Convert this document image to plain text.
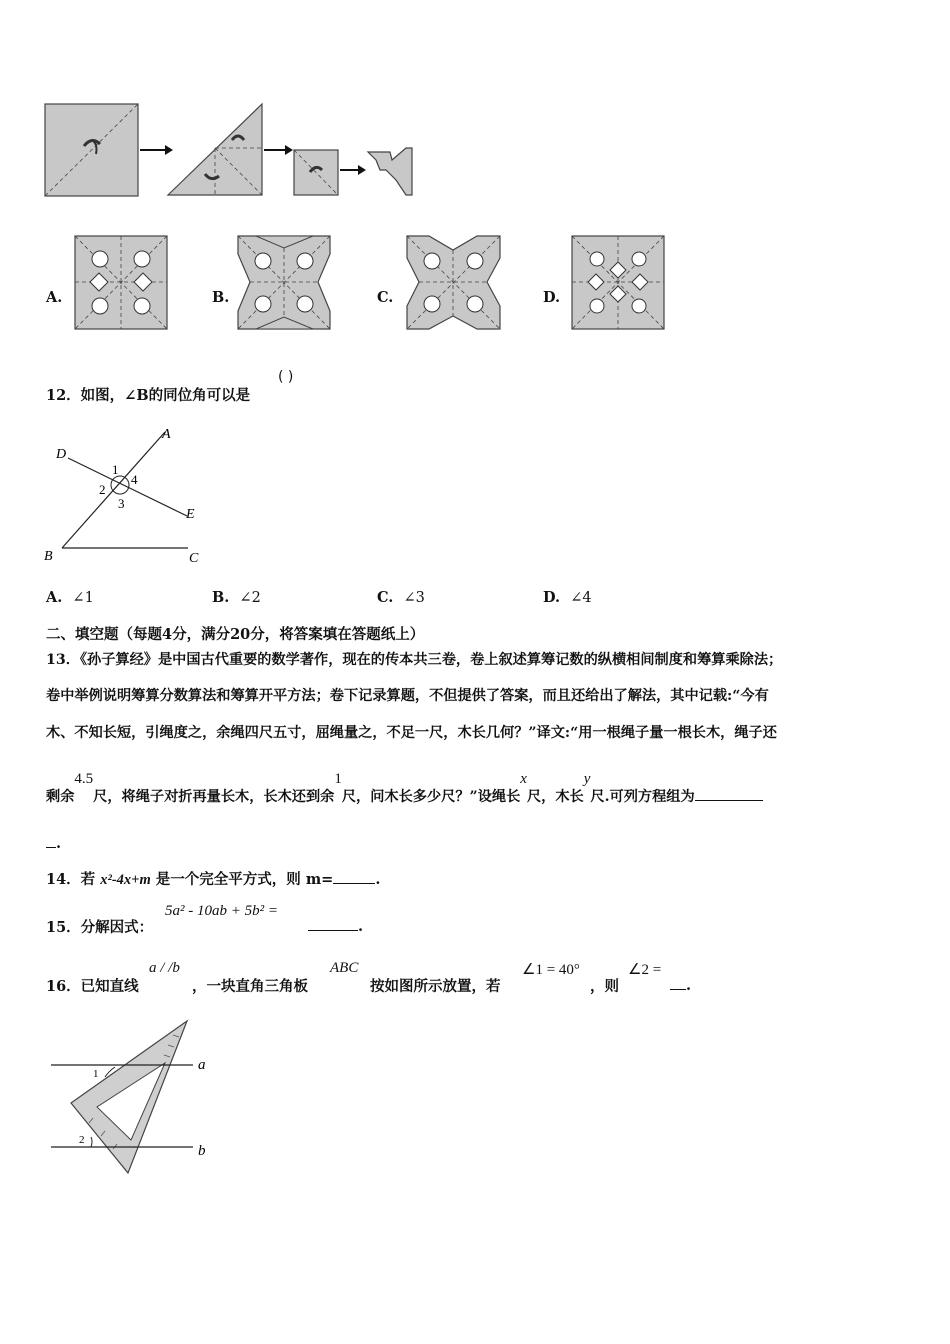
A.	B.	C.	D.
12．如图，∠B的同位角可以是
( )
A
D
E
B	C
1
2
3
4
A. ∠1	B. ∠2	C. ∠3	D. ∠4
二、填空题（每题4分，满分20分，将答案填在答题纸上）
13．《孙子算经》是中国古代重要的数学著作，现在的传本共三卷，卷上叙述算筹记数的纵横相间制度和筹算乘除法；
卷中举例说明筹算分数算法和筹算开平方法；卷下记录算题，不但提供了答案，而且还给出了解法，其中记载:“今有
木、不知长短，引绳度之，余绳四尺五寸，屈绳量之，不足一尺，木长几何？”译文:“用一根绳子量一根长木，绳子还
剩余4.5尺，将绳子对折再量长木，长木还到余1尺，问木长多少尺？”设绳长x尺，木长y尺.可列方程组为
.
14．若 x²-4x+m 是一个完全平方式，则 m=	.
15．分解因式：
5a² - 10ab + 5b² =
.
16．已知直线
a / /b
，一块直角三角板
ABC
按如图所示放置，若
∠1 = 40°
，则
∠2 =
.
a
b
1
2
